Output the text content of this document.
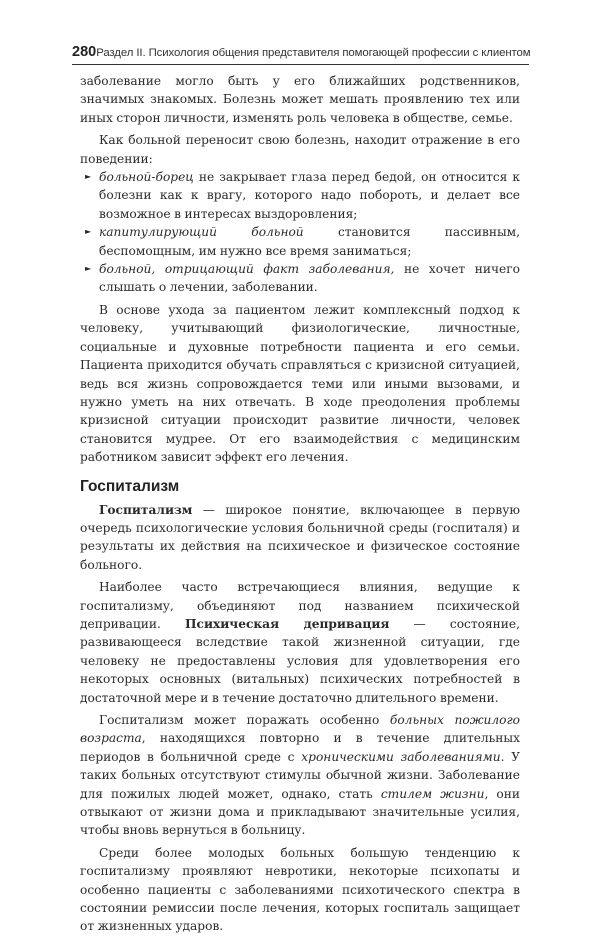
280 Раздел II. Психология общения представителя помогающей профессии с клиентом

заболевание могло быть у его ближайших родственников, значимых знакомых. Болезнь может мешать проявлению тех или иных сторон личности, изменять роль человека в обществе, семье.

Как больной переносит свою болезнь, находит отражение в его поведении:

► больной-борец не закрывает глаза перед бедой, он относится к болезни как к врагу, которого надо побороть, и делает все возможное в интересах выздоровления;
► капитулирующий больной становится пассивным, беспомощным, им нужно все время заниматься;
► больной, отрицающий факт заболевания, не хочет ничего слышать о лечении, заболевании.

В основе ухода за пациентом лежит комплексный подход к человеку, учитывающий физиологические, личностные, социальные и духовные потребности пациента и его семьи. Пациента приходится обучать справляться с кризисной ситуацией, ведь вся жизнь сопровождается теми или иными вызовами, и нужно уметь на них отвечать. В ходе преодоления проблемы кризисной ситуации происходит развитие личности, человек становится мудрее. От его взаимодействия с медицинским работником зависит эффект его лечения.

Госпитализм

Госпитализм — широкое понятие, включающее в первую очередь психологические условия больничной среды (госпиталя) и результаты их действия на психическое и физическое состояние больного.

Наиболее часто встречающиеся влияния, ведущие к госпитализму, объединяют под названием психической депривации. Психическая депривация — состояние, развивающееся вследствие такой жизненной ситуации, где человеку не предоставлены условия для удовлетворения его некоторых основных (витальных) психических потребностей в достаточной мере и в течение достаточно длительного времени.

Госпитализм может поражать особенно больных пожилого возраста, находящихся повторно и в течение длительных периодов в больничной среде с хроническими заболеваниями. У таких больных отсутствуют стимулы обычной жизни. Заболевание для пожилых людей может, однако, стать стилем жизни, они отвыкают от жизни дома и прикладывают значительные усилия, чтобы вновь вернуться в больницу.

Среди более молодых больных большую тенденцию к госпитализму проявляют невротики, некоторые психопаты и особенно пациенты с заболеваниями психотического спектра в состоянии ремиссии после лечения, которых госпиталь защищает от жизненных ударов.
